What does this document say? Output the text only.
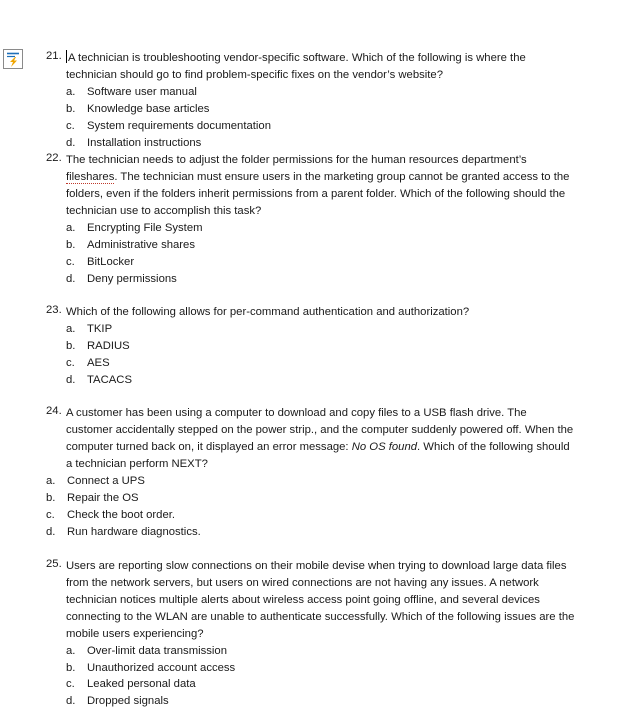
21. A technician is troubleshooting vendor-specific software. Which of the following is where the technician should go to find problem-specific fixes on the vendor’s website?
a. Software user manual
b. Knowledge base articles
c. System requirements documentation
d. Installation instructions
22. The technician needs to adjust the folder permissions for the human resources department’s fileshares. The technician must ensure users in the marketing group cannot be granted access to the folders, even if the folders inherit permissions from a parent folder. Which of the following should the technician use to accomplish this task?
a. Encrypting File System
b. Administrative shares
c. BitLocker
d. Deny permissions
23. Which of the following allows for per-command authentication and authorization?
a. TKIP
b. RADIUS
c. AES
d. TACACS
24. A customer has been using a computer to download and copy files to a USB flash drive. The customer accidentally stepped on the power strip., and the computer suddenly powered off. When the computer turned back on, it displayed an error message: No OS found. Which of the following should a technician perform NEXT?
a. Connect a UPS
b. Repair the OS
c. Check the boot order.
d. Run hardware diagnostics.
25. Users are reporting slow connections on their mobile devise when trying to download large data files from the network servers, but users on wired connections are not having any issues. A network technician notices multiple alerts about wireless access point going offline, and several devices connecting to the WLAN are unable to authenticate successfully. Which of the following issues are the mobile users experiencing?
a. Over-limit data transmission
b. Unauthorized account access
c. Leaked personal data
d. Dropped signals
